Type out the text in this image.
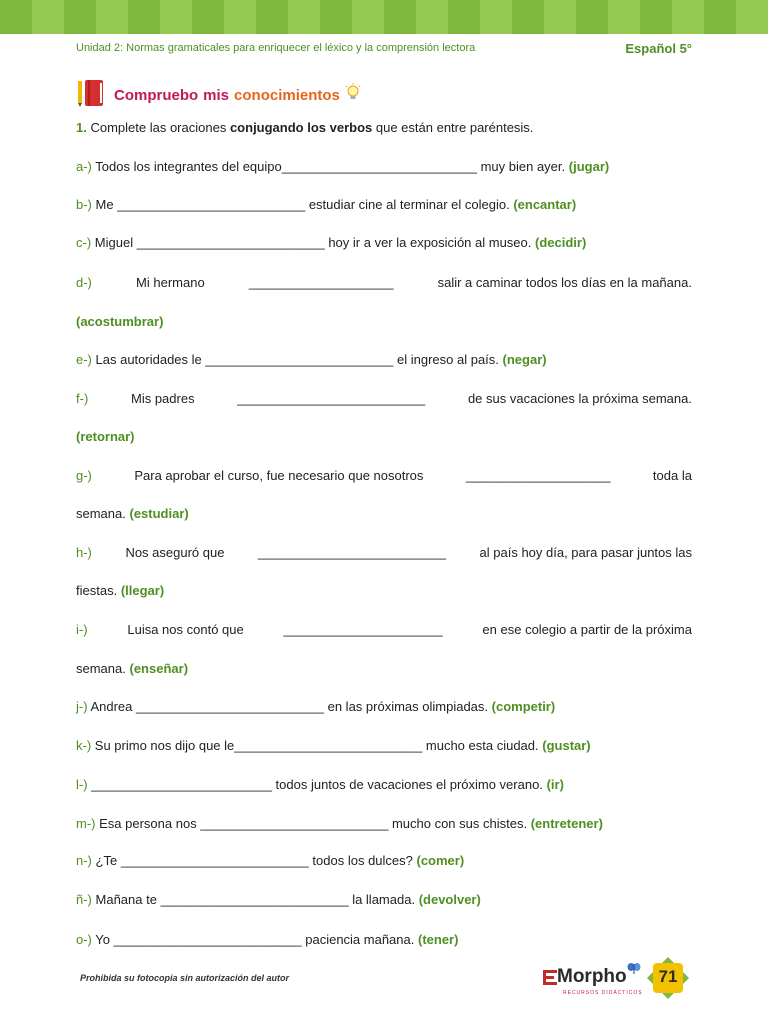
Unidad 2: Normas gramaticales para enriquecer el léxico y la comprensión lectora	Español 5°
Compruebo mis conocimientos
1. Complete las oraciones conjugando los verbos que están entre paréntesis.
a-) Todos los integrantes del equipo___________________________ muy bien ayer. (jugar)
b-) Me __________________________ estudiar cine al terminar el colegio. (encantar)
c-) Miguel __________________________ hoy ir a ver la exposición al museo. (decidir)
d-)	Mi hermano	____________________	salir a caminar todos los días en la mañana.
(acostumbrar)
e-) Las autoridades le __________________________ el ingreso al país. (negar)
f-)	Mis padres	__________________________	de sus vacaciones la próxima semana.
(retornar)
g-)	Para aprobar el curso, fue necesario que nosotros	____________________	toda la
semana. (estudiar)
h-)	Nos aseguró que	__________________________	al país hoy día, para pasar juntos las
fiestas. (llegar)
i-)	Luisa nos contó que	______________________	en ese colegio a partir de la próxima
semana. (enseñar)
j-) Andrea __________________________ en las próximas olimpiadas. (competir)
k-) Su primo nos dijo que le__________________________ mucho esta ciudad. (gustar)
l-) _________________________ todos juntos de vacaciones el próximo verano. (ir)
m-) Esa persona nos __________________________ mucho con sus chistes. (entretener)
n-) ¿Te __________________________ todos los dulces? (comer)
ñ-) Mañana te __________________________ la llamada. (devolver)
o-) Yo __________________________ paciencia mañana. (tener)
Prohibida su fotocopia sin autorización del autor	Morpho
RECURSOS DIDÁCTICOS
71
